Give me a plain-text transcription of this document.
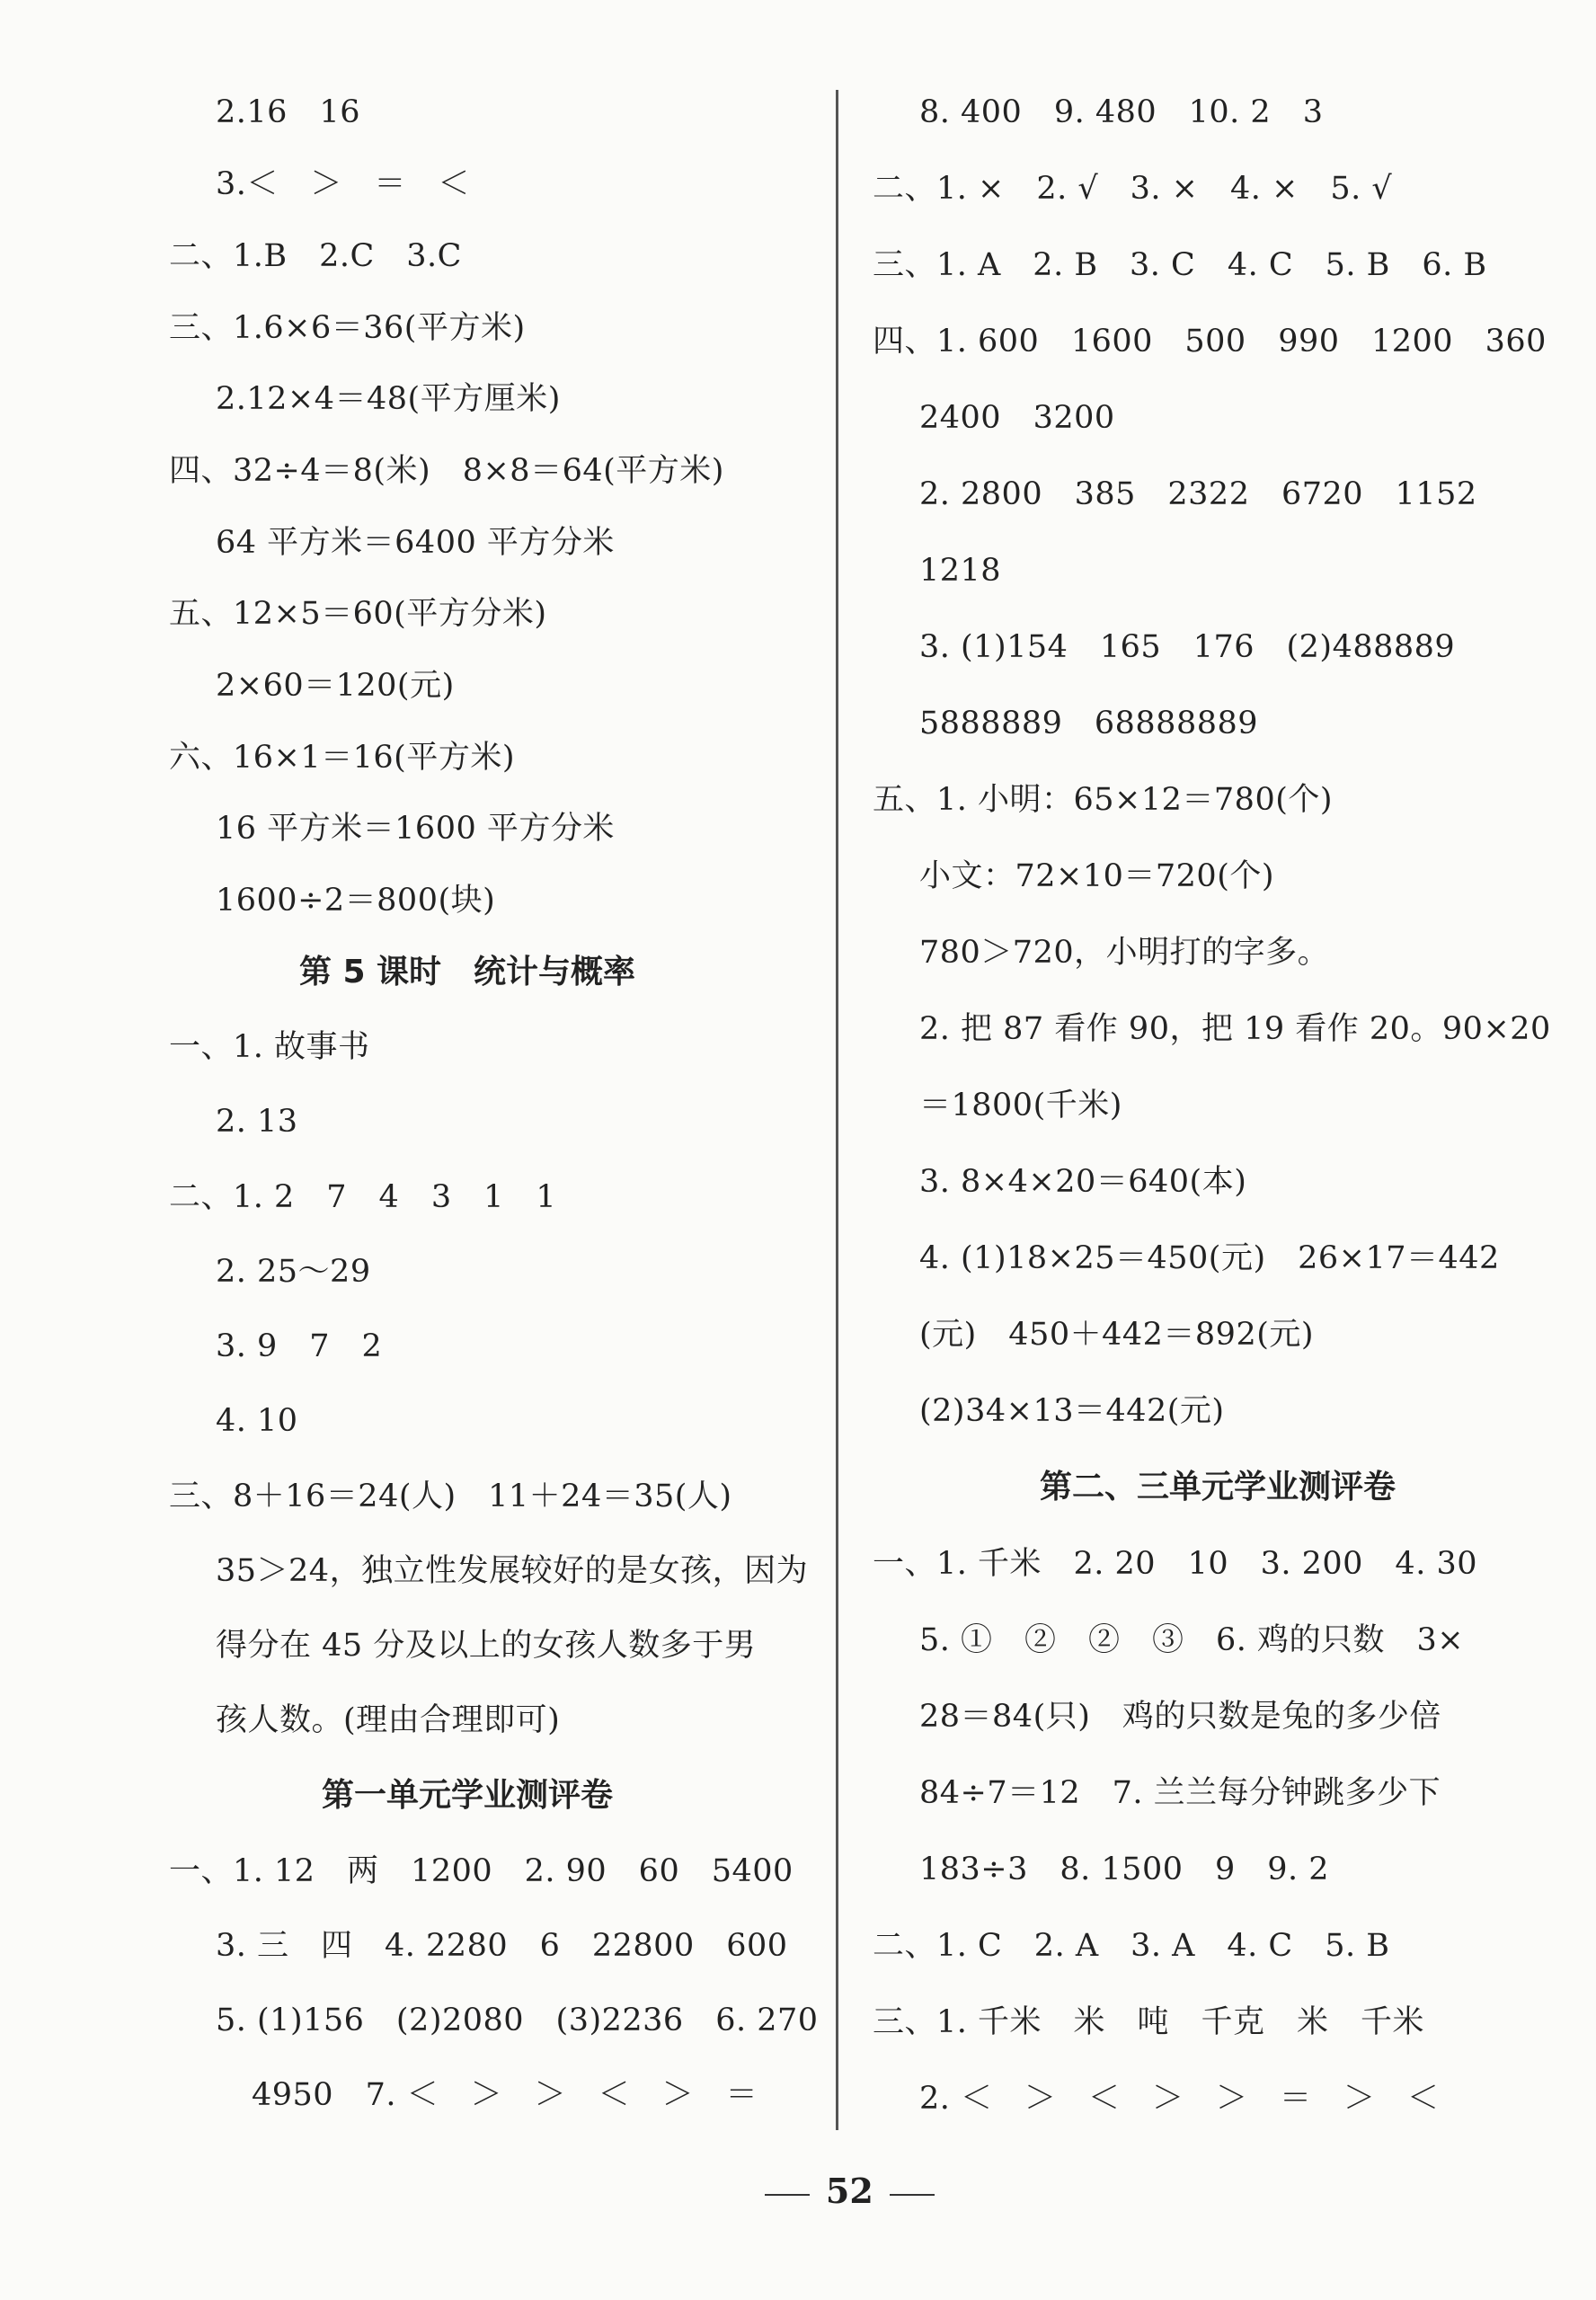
2.16　16
3.＜　＞　＝　＜
二、1.B　2.C　3.C
三、1.6×6＝36(平方米)
2.12×4＝48(平方厘米)
四、32÷4＝8(米)　8×8＝64(平方米)
64 平方米＝6400 平方分米
五、12×5＝60(平方分米)
2×60＝120(元)
六、16×1＝16(平方米)
16 平方米＝1600 平方分米
1600÷2＝800(块)
第 5 课时　统计与概率
一、1. 故事书
2. 13
二、1. 2　7　4　3　1　1
2. 25～29
3. 9　7　2
4. 10
三、8＋16＝24(人)　11＋24＝35(人)
35＞24，独立性发展较好的是女孩，因为
得分在 45 分及以上的女孩人数多于男
孩人数。(理由合理即可)
第一单元学业测评卷
一、1. 12　两　1200　2. 90　60　5400
3. 三　四　4. 2280　6　22800　600
5. (1)156　(2)2080　(3)2236　6. 270
4950　7. ＜　＞　＞　＜　＞　＝
8. 400　9. 480　10. 2　3
二、1. ×　2. √　3. ×　4. ×　5. √
三、1. A　2. B　3. C　4. C　5. B　6. B
四、1. 600　1600　500　990　1200　360
2400　3200
2. 2800　385　2322　6720　1152
1218
3. (1)154　165　176　(2)488889
5888889　68888889
五、1. 小明：65×12＝780(个)
小文：72×10＝720(个)
780＞720，小明打的字多。
2. 把 87 看作 90，把 19 看作 20。90×20
＝1800(千米)
3. 8×4×20＝640(本)
4. (1)18×25＝450(元)　26×17＝442
(元)　450＋442＝892(元)
(2)34×13＝442(元)
第二、三单元学业测评卷
一、1. 千米　2. 20　10　3. 200　4. 30
5. ①　②　②　③　6. 鸡的只数　3×
28＝84(只)　鸡的只数是兔的多少倍
84÷7＝12　7. 兰兰每分钟跳多少下
183÷3　8. 1500　9　9. 2
二、1. C　2. A　3. A　4. C　5. B
三、1. 千米　米　吨　千克　米　千米
2. ＜　＞　＜　＞　＞　＝　＞　＜

52
